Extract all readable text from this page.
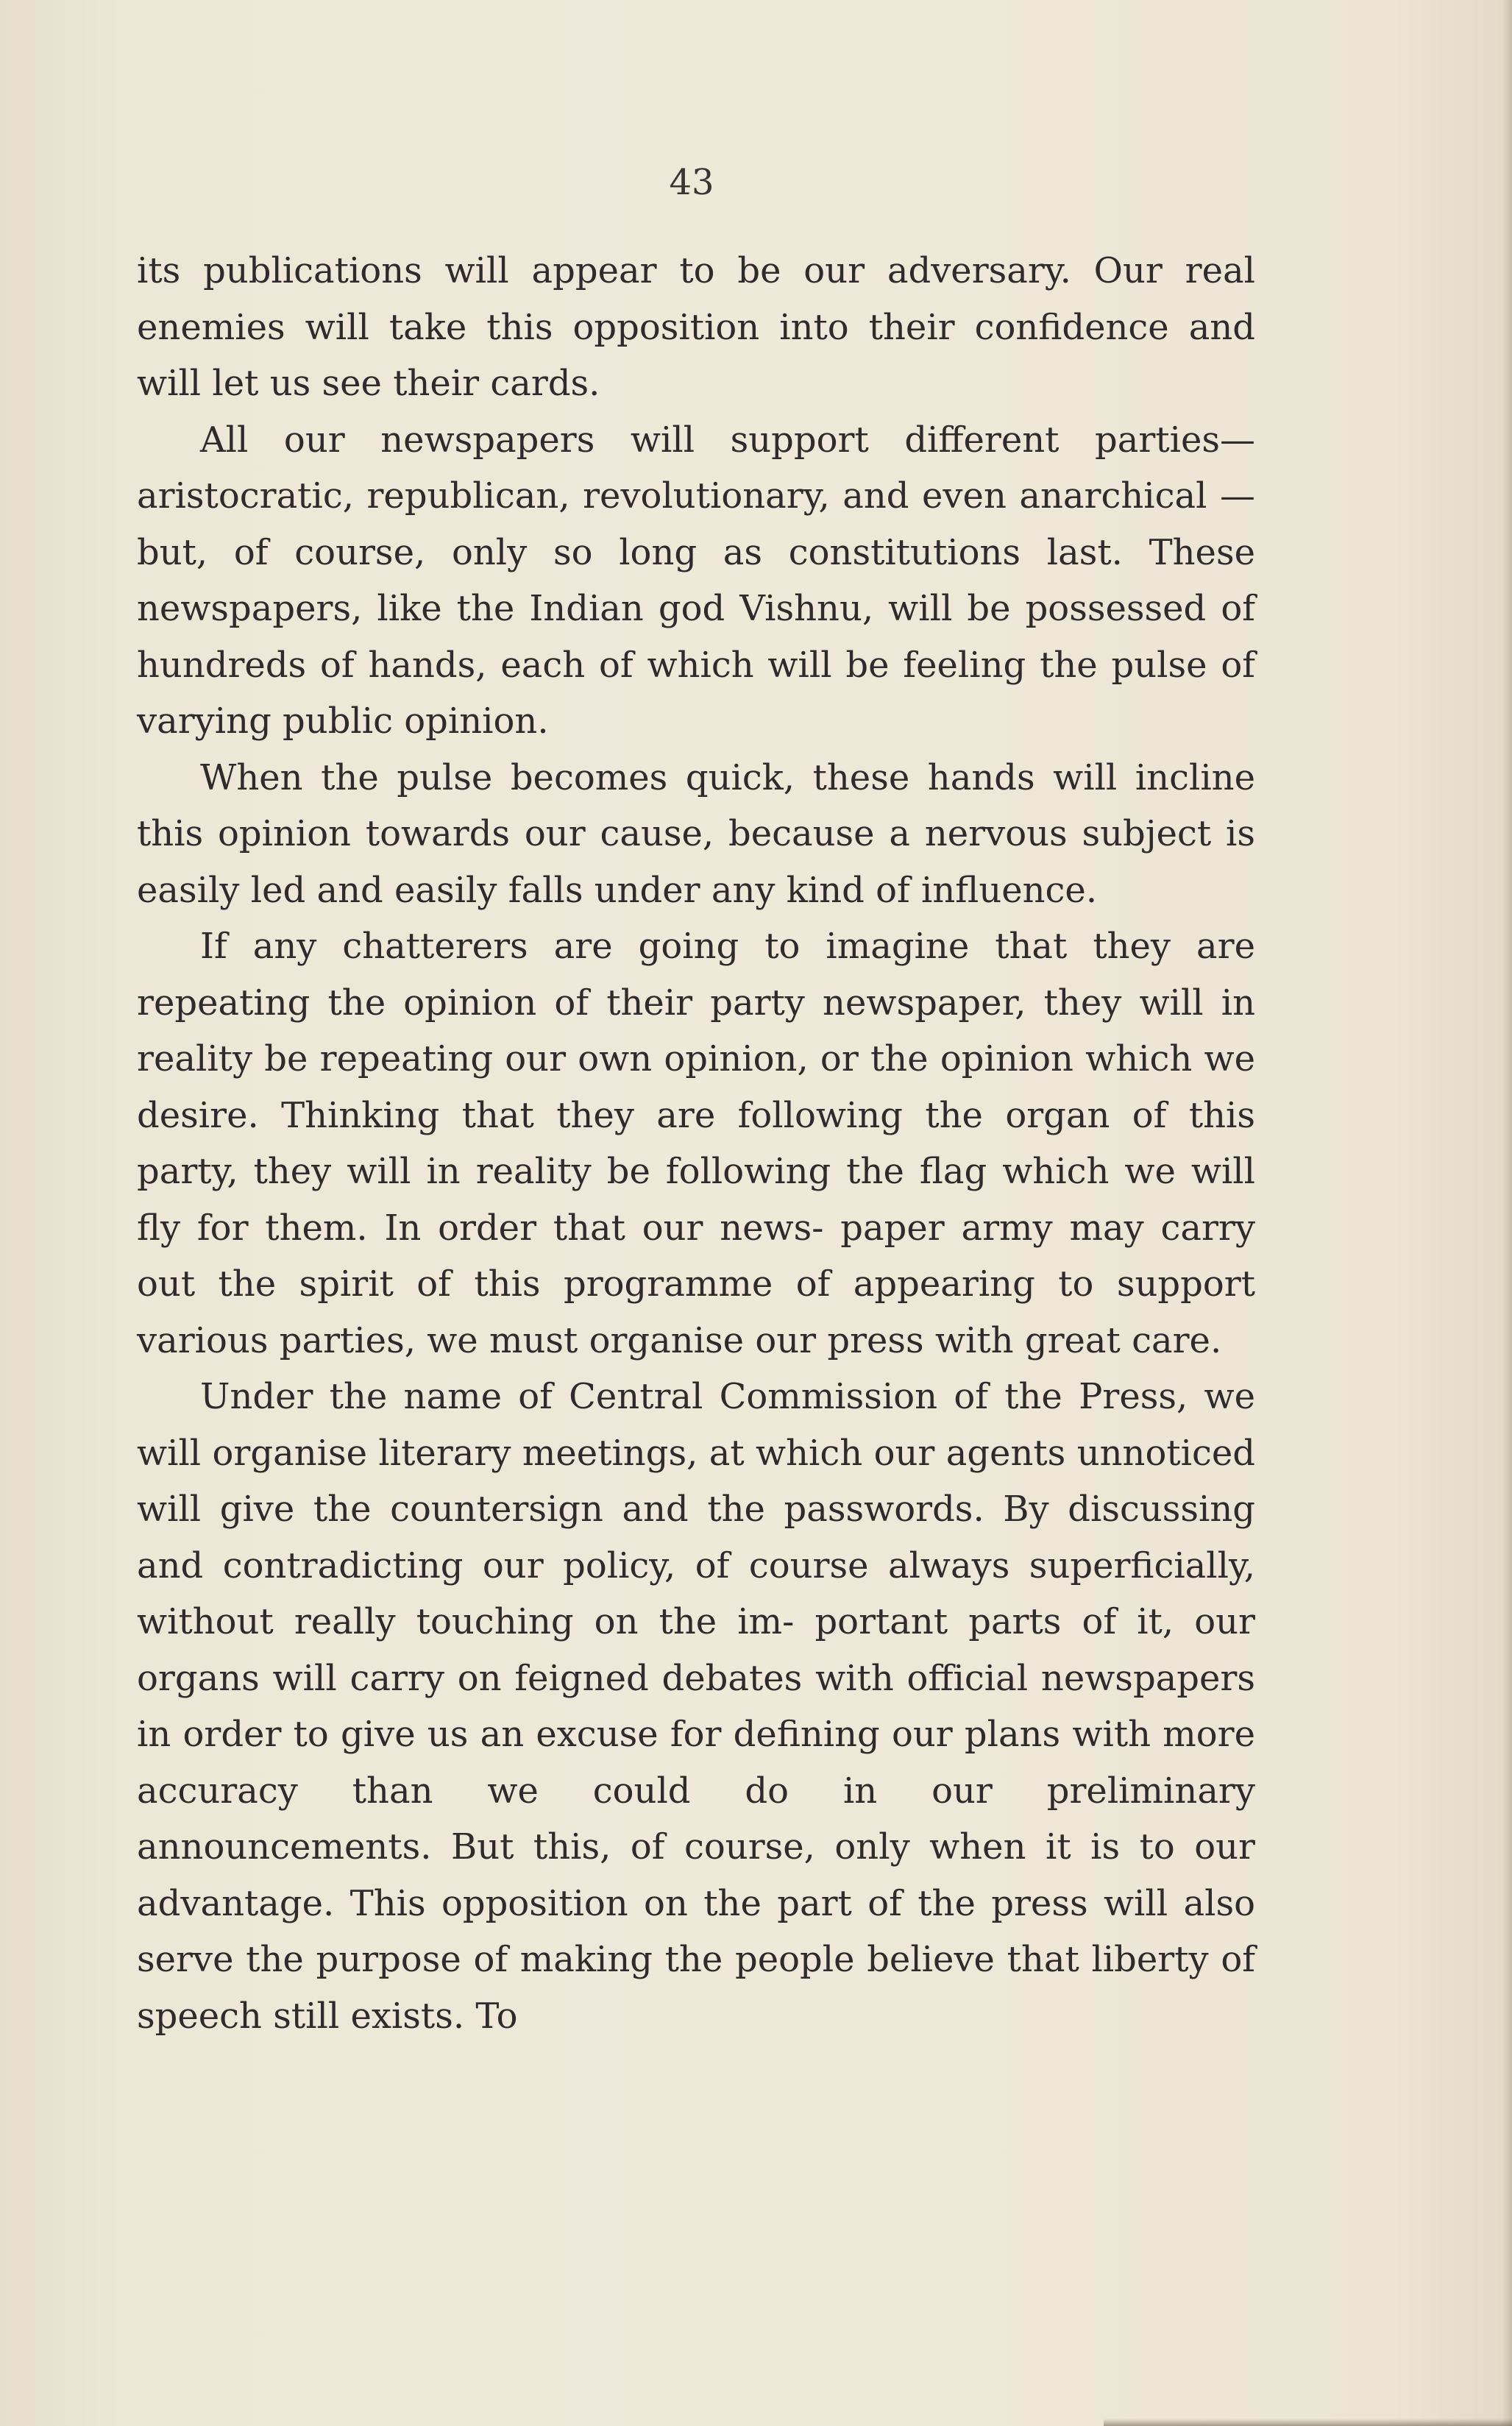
43

its publications will appear to be our adversary. Our real enemies will take this opposition into their confidence and will let us see their cards.

All our newspapers will support different parties— aristocratic, republican, revolutionary, and even anarchical —but, of course, only so long as constitutions last. These newspapers, like the Indian god Vishnu, will be possessed of hundreds of hands, each of which will be feeling the pulse of varying public opinion.

When the pulse becomes quick, these hands will incline this opinion towards our cause, because a nervous subject is easily led and easily falls under any kind of influence.

If any chatterers are going to imagine that they are repeating the opinion of their party newspaper, they will in reality be repeating our own opinion, or the opinion which we desire. Thinking that they are following the organ of this party, they will in reality be following the flag which we will fly for them. In order that our news- paper army may carry out the spirit of this programme of appearing to support various parties, we must organise our press with great care.

Under the name of Central Commission of the Press, we will organise literary meetings, at which our agents unnoticed will give the countersign and the passwords. By discussing and contradicting our policy, of course always superficially, without really touching on the im- portant parts of it, our organs will carry on feigned debates with official newspapers in order to give us an excuse for defining our plans with more accuracy than we could do in our preliminary announcements. But this, of course, only when it is to our advantage. This opposition on the part of the press will also serve the purpose of making the people believe that liberty of speech still exists. To
